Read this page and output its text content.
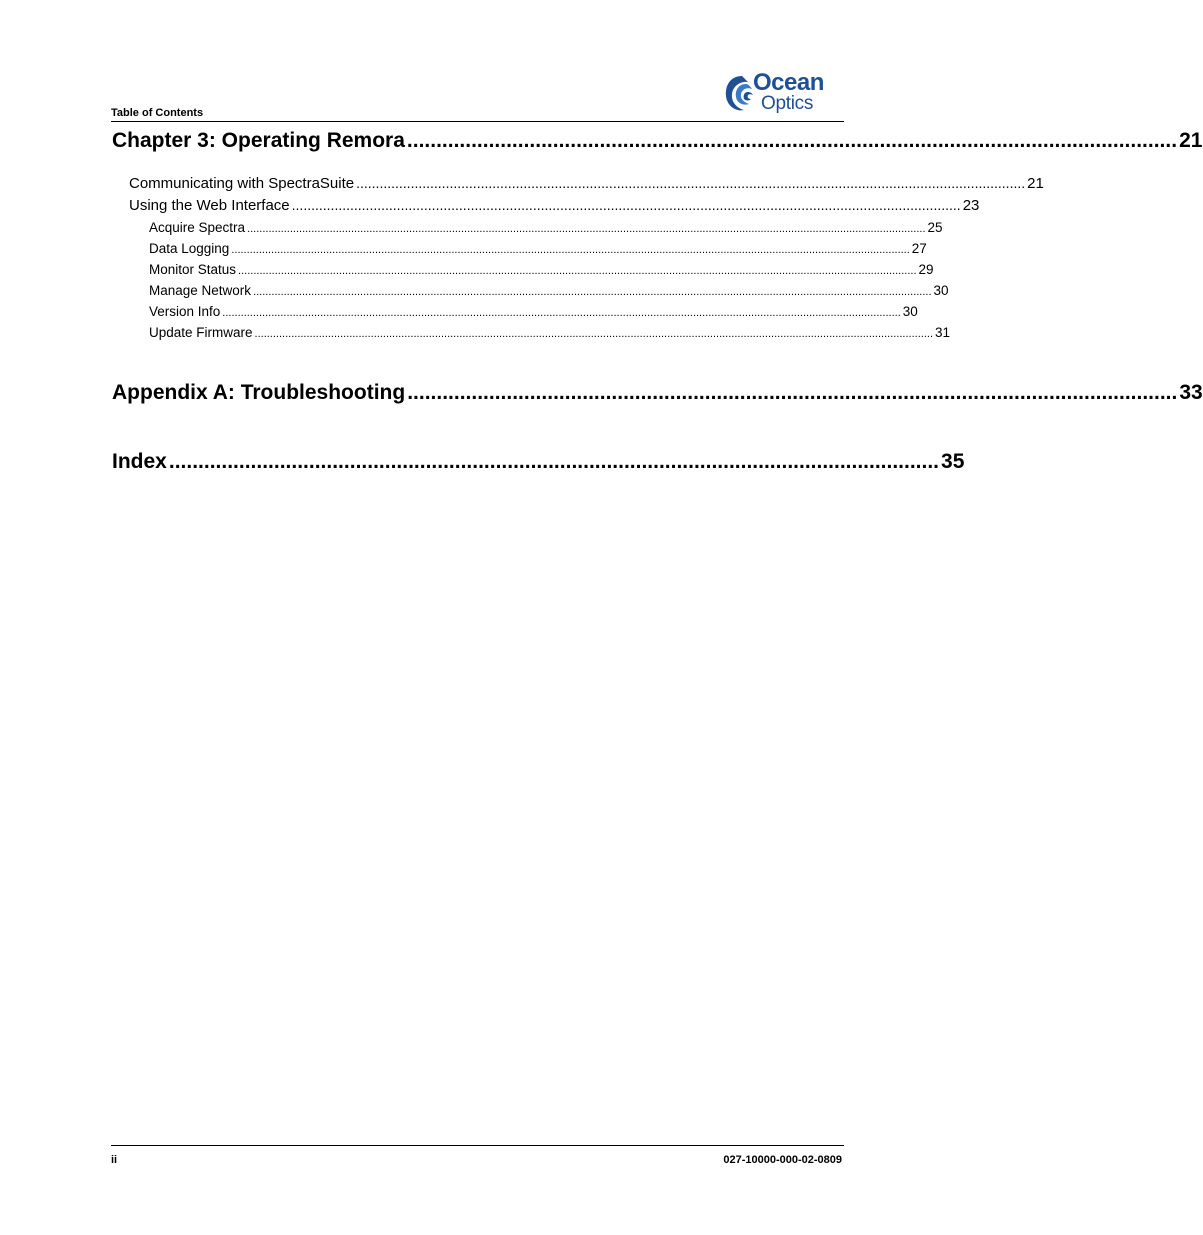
Table of Contents
Ocean
Optics
Chapter 3: Operating Remora .................................................................................................................................... 21
Communicating with SpectraSuite ............................................................................................................................................................................ 21
Using the Web Interface ............................................................................................................................................................................ 23
Acquire Spectra .............................................................................................................................................................................................................................. 25
Data Logging .............................................................................................................................................................................................................................. 27
Monitor Status .............................................................................................................................................................................................................................. 29
Manage Network .............................................................................................................................................................................................................................. 30
Version Info .............................................................................................................................................................................................................................. 30
Update Firmware .............................................................................................................................................................................................................................. 31
Appendix A: Troubleshooting .................................................................................................................................... 33
Index .................................................................................................................................... 35
ii	027-10000-000-02-0809
